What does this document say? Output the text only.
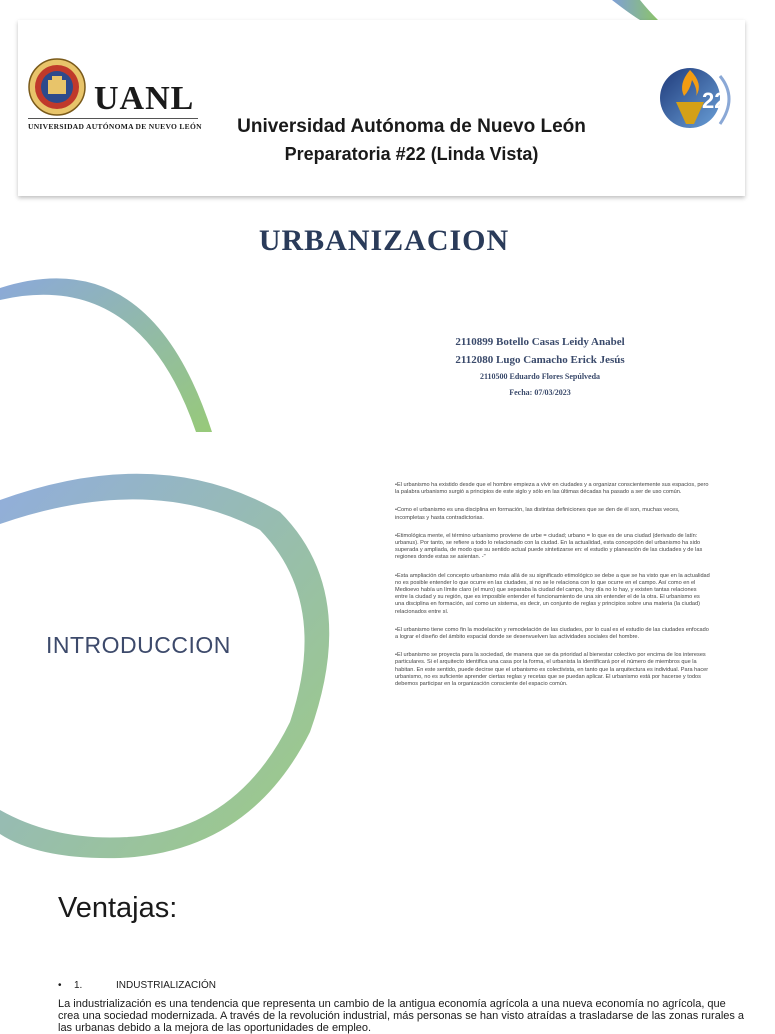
UANL
UNIVERSIDAD AUTÓNOMA DE NUEVO LEÓN	Universidad Autónoma de Nuevo León
Preparatoria #22 (Linda Vista)
22
URBANIZACION
2110899 Botello Casas Leidy Anabel
2112080 Lugo Camacho Erick Jesús
2110500 Eduardo Flores Sepúlveda
Fecha: 07/03/2023
INTRODUCCION

•El urbanismo ha existido desde que el hombre empieza a vivir en ciudades y a organizar conscientemente sus espacios, pero la palabra urbanismo surgió a principios de este siglo y sólo en las últimas décadas ha pasado a ser de uso común.

•Como el urbanismo es una disciplina en formación, las distintas definiciones que se den de él son, muchas veces, incompletas y hasta contradictorias.

•Etimológica mente, el término urbanismo proviene de urbe = ciudad; urbano = lo que es de una ciudad (derivado de latín: urbanus). Por tanto, se refiere a todo lo relacionado con la ciudad. En la actualidad, esta concepción del urbanismo ha sido superada y ampliada, de modo que su sentido actual puede sintetizarse en: el estudio y planeación de las ciudades y de las regiones donde estas se asientan. -"

•Esta ampliación del concepto urbanismo más allá de su significado etimológico se debe a que se ha visto que en la actualidad no es posible entender lo que ocurre en las ciudades, si no se le relaciona con lo que ocurre en el campo. Así como en el Medioevo había un límite claro (el muro) que separaba la ciudad del campo, hoy día no lo hay, y existen tantas relaciones entre la ciudad y su región, que es imposible entender el funcionamiento de una sin entender el de la otra. El urbanismo es una disciplina en formación, así como un sistema, es decir, un conjunto de reglas y principios sobre una materia (la ciudad) relacionados entre sí.

•El urbanismo tiene como fin la modelación y remodelación de las ciudades, por lo cual es el estudio de las ciudades enfocado a lograr el diseño del ámbito espacial donde se desenvuelven las actividades sociales del hombre.

•El urbanismo se proyecta para la sociedad, de manera que se da prioridad al bienestar colectivo por encima de los intereses particulares. Si el arquitecto identifica una casa por la forma, el urbanista la identificará por el número de miembros que la habitan. En este sentido, puede decirse que el urbanismo es colectivista, en tanto que la arquitectura es individual. Para hacer urbanismo, no es suficiente aprender ciertas reglas y recetas que se puedan aplicar. El urbanismo está por hacerse y todos debemos participar en la organización consciente del espacio común.

Ventajas:
• 1.	INDUSTRIALIZACIÓN
La industrialización es una tendencia que representa un cambio de la antigua economía agrícola a una nueva economía no agrícola, que crea una sociedad modernizada. A través de la revolución industrial, más personas se han visto atraídas a trasladarse de las zonas rurales a las urbanas debido a la mejora de las oportunidades de empleo.
